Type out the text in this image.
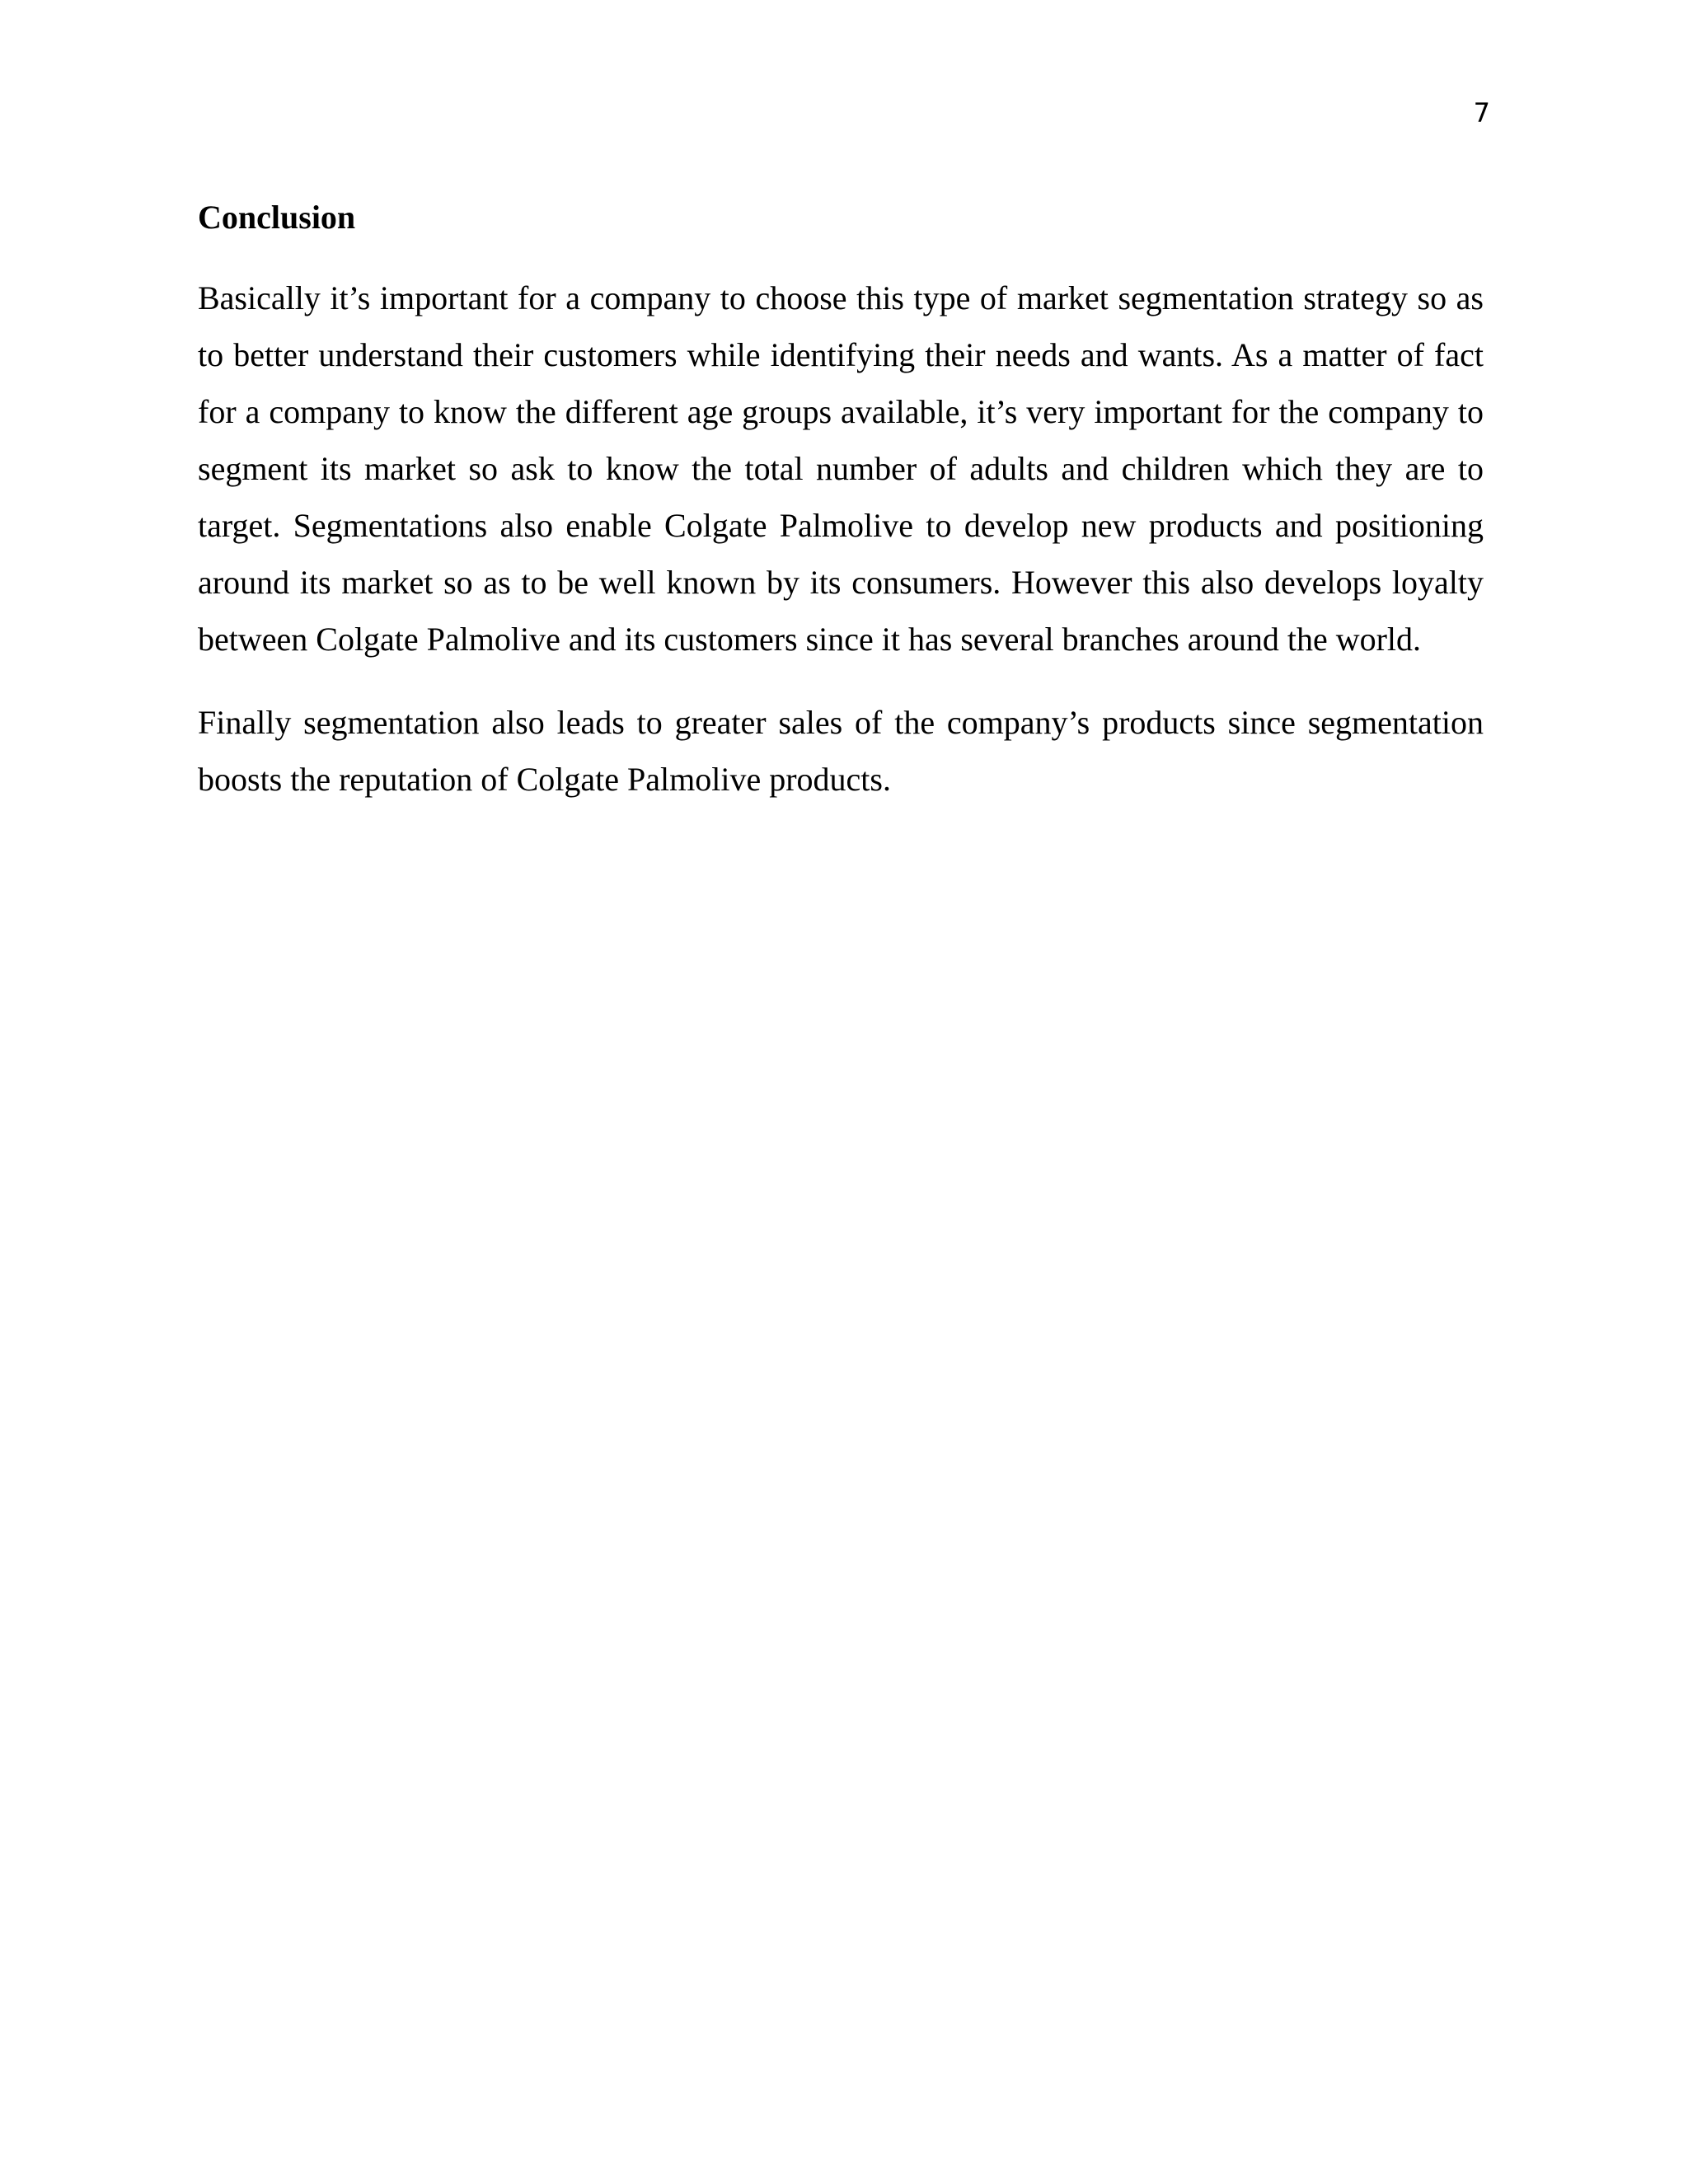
7

Conclusion

Basically it’s important for a company to choose this type of market segmentation strategy so as to better understand their customers while identifying their needs and wants. As a matter of fact for a company to know the different age groups available, it’s very important for the company to segment its market so ask to know the total number of adults and children which they are to target. Segmentations also enable Colgate Palmolive to develop new products and positioning around its market so as to be well known by its consumers. However this also develops loyalty between Colgate Palmolive and its customers since it has several branches around the world.

Finally segmentation also leads to greater sales of the company’s products since segmentation boosts the reputation of Colgate Palmolive products.
